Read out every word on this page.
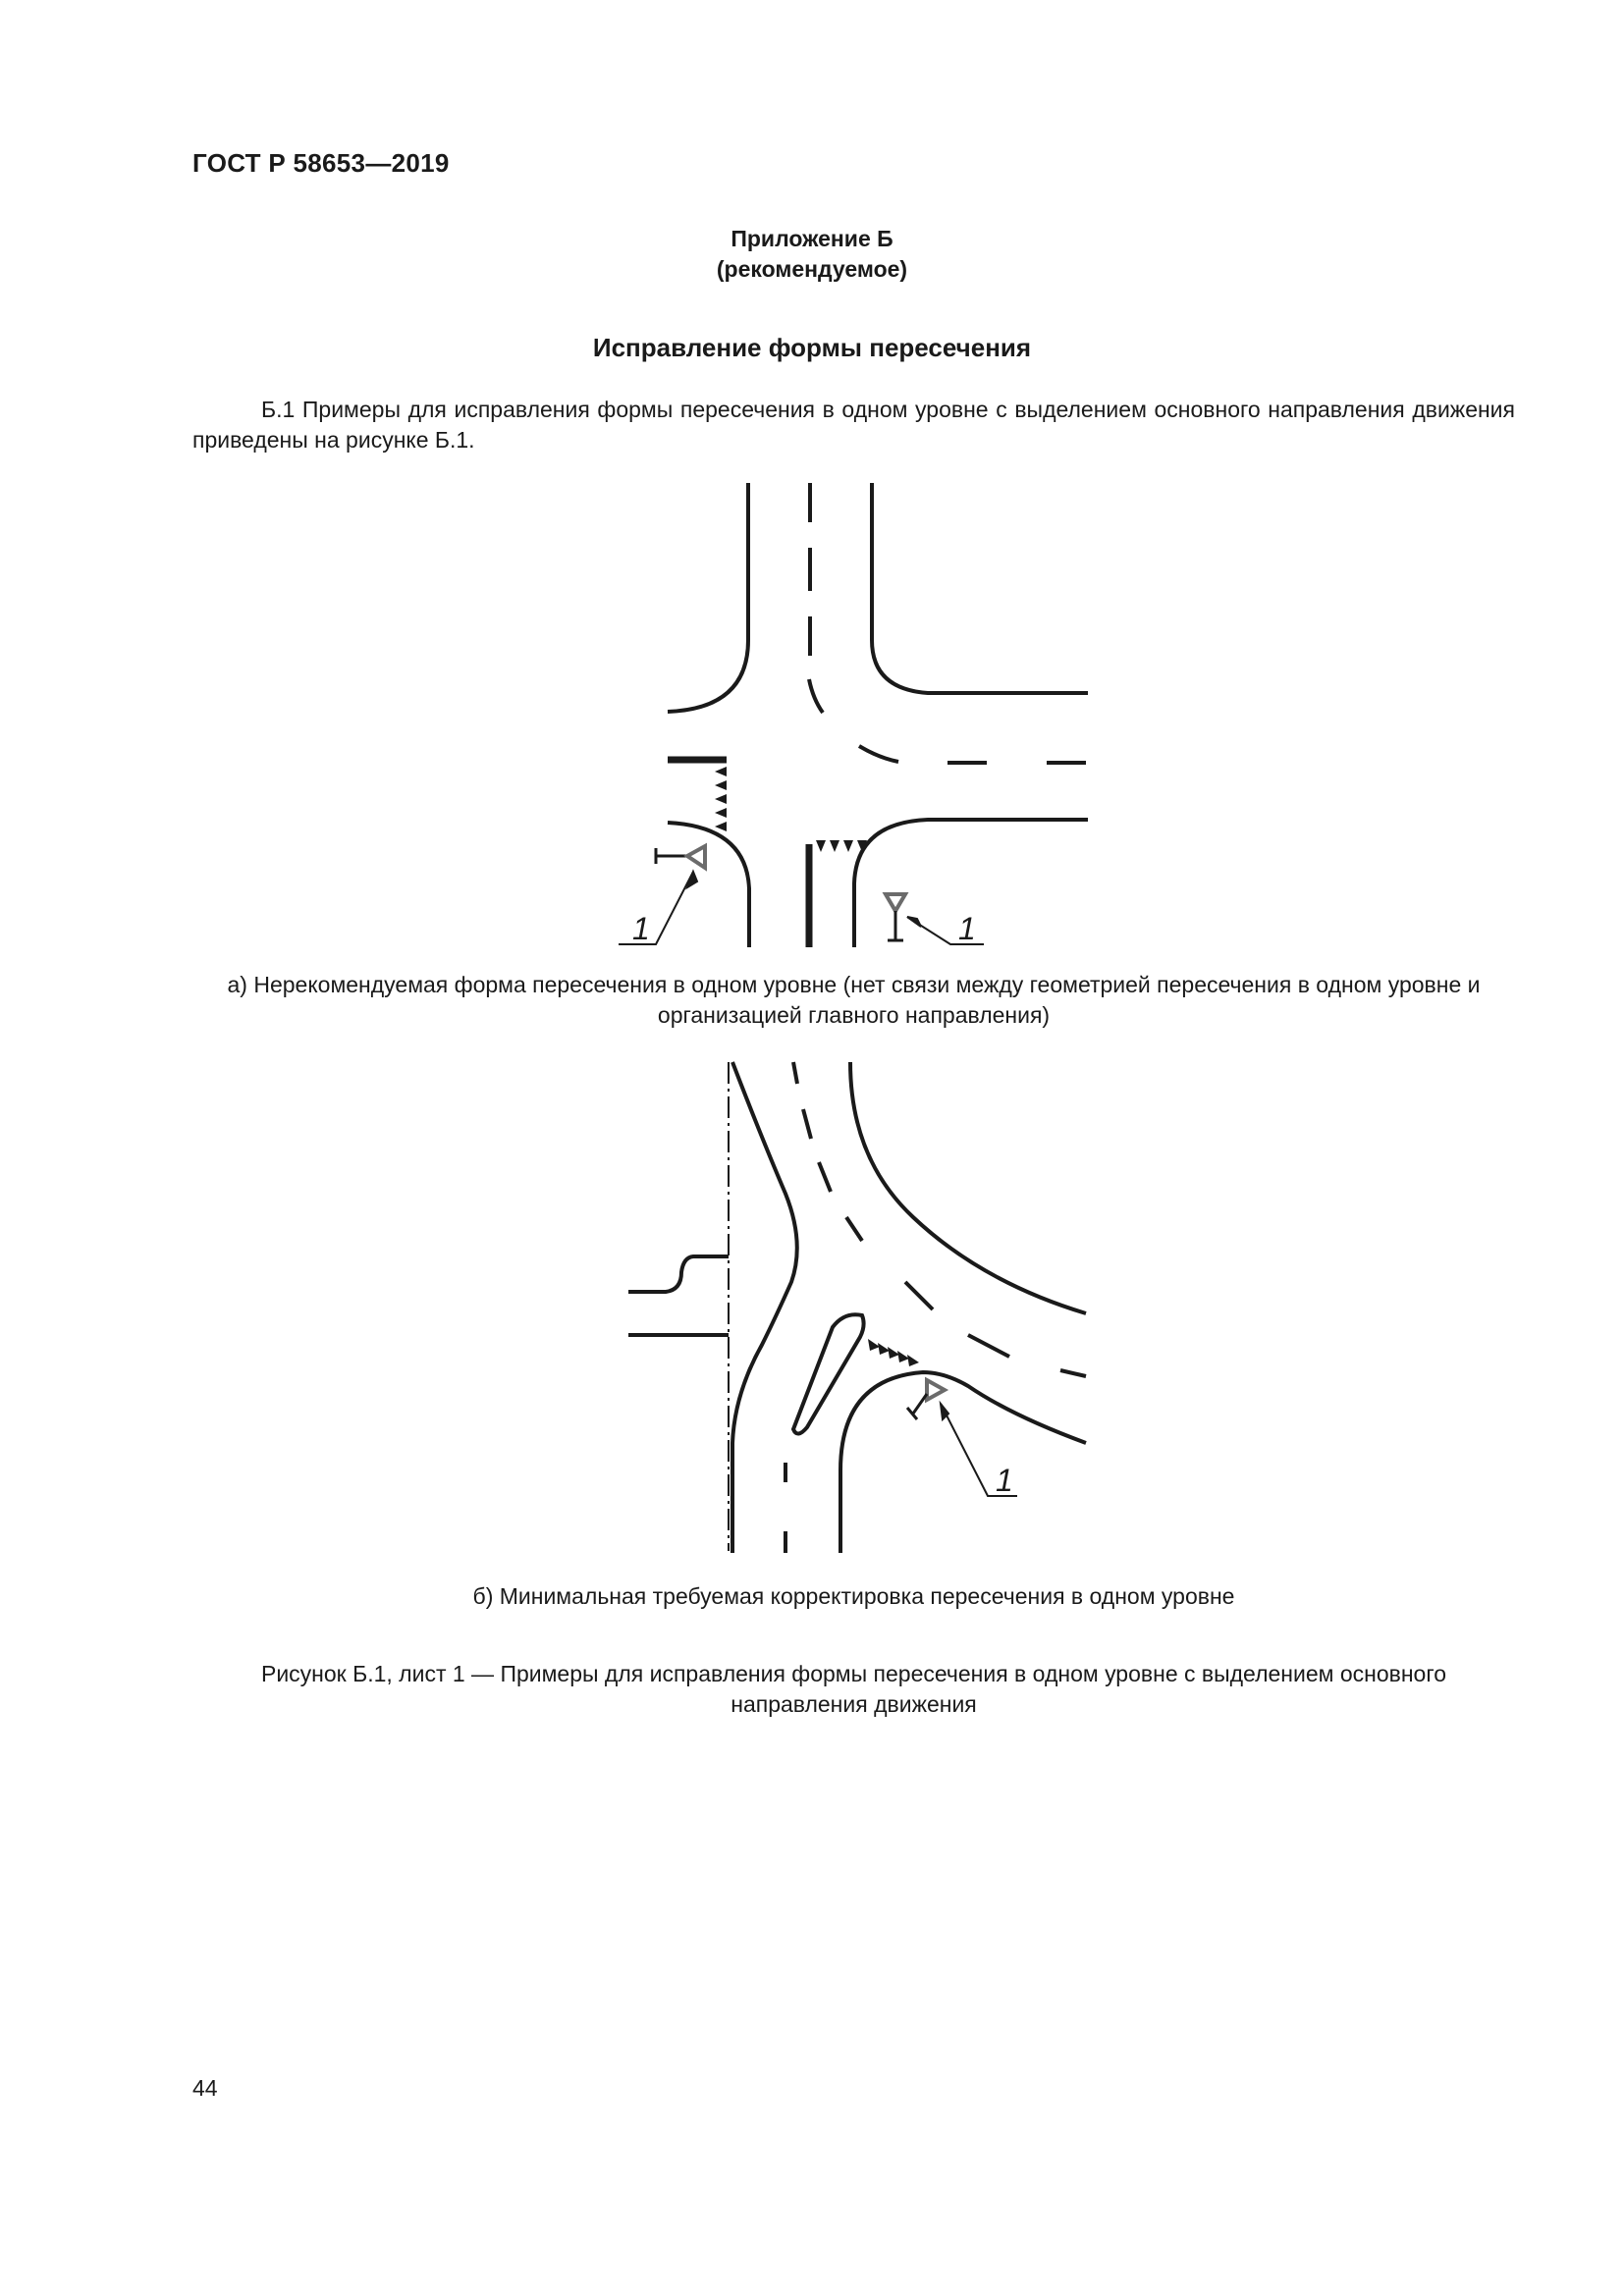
ГОСТ Р 58653—2019
Приложение Б
(рекомендуемое)
Исправление формы пересечения
Б.1 Примеры для исправления формы пересечения в одном уровне с выделением основного направления движения приведены на рисунке Б.1.
1	1
а) Нерекомендуемая форма пересечения в одном уровне (нет связи между геометрией пересечения в одном уровне и организацией главного направления)
1
б) Минимальная требуемая корректировка пересечения в одном уровне
Рисунок Б.1, лист 1 — Примеры для исправления формы пересечения в одном уровне с выделением основного направления движения
44
